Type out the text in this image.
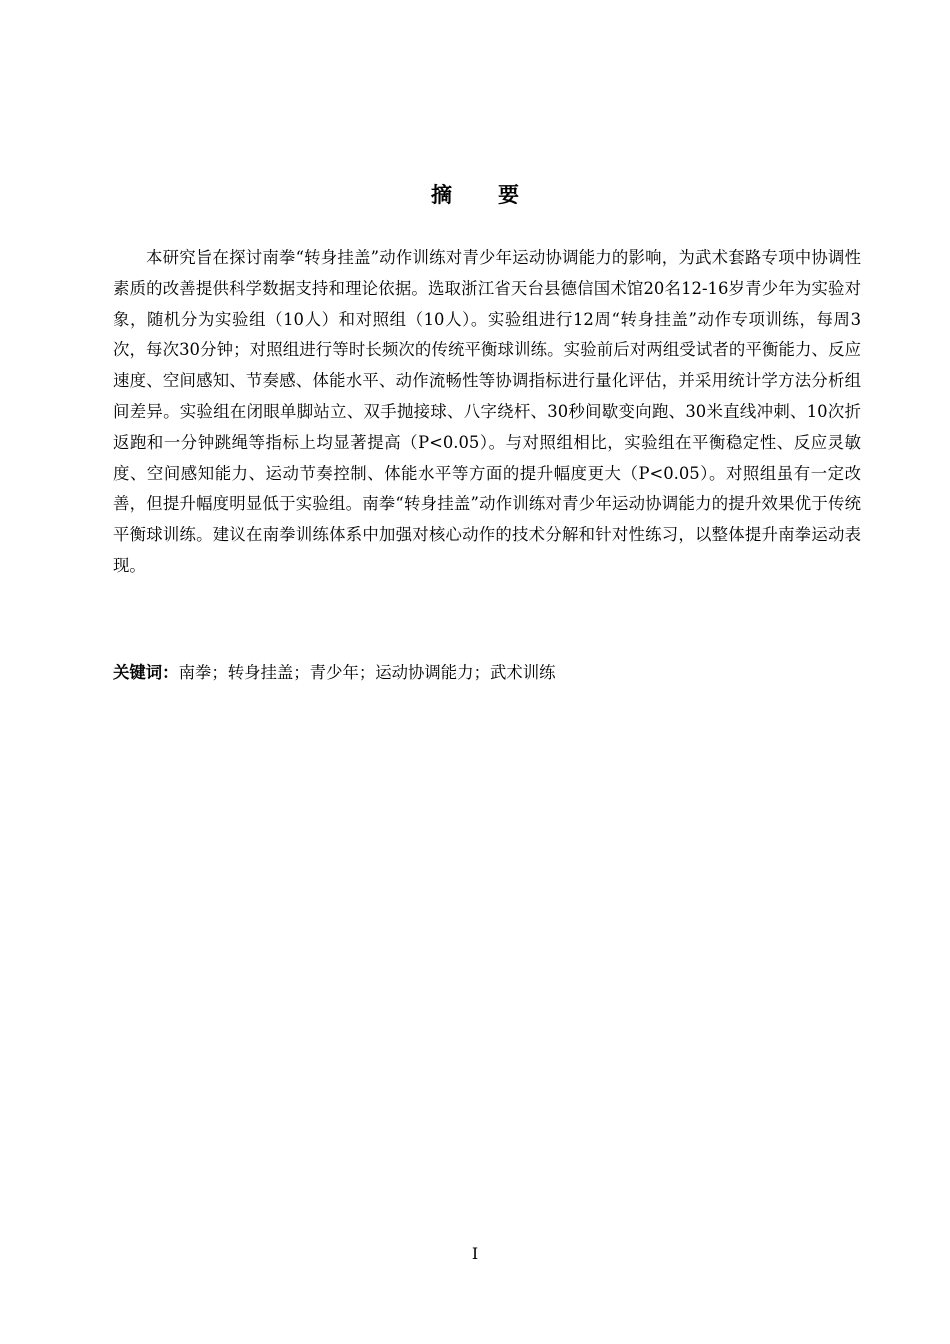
摘要

本研究旨在探讨南拳“转身挂盖”动作训练对青少年运动协调能力的影响，为武术套路专项中协调性素质的改善提供科学数据支持和理论依据。选取浙江省天台县德信国术馆20名12-16岁青少年为实验对象，随机分为实验组（10人）和对照组（10人）。实验组进行12周“转身挂盖”动作专项训练，每周3次，每次30分钟；对照组进行等时长频次的传统平衡球训练。实验前后对两组受试者的平衡能力、反应速度、空间感知、节奏感、体能水平、动作流畅性等协调指标进行量化评估，并采用统计学方法分析组间差异。实验组在闭眼单脚站立、双手抛接球、八字绕杆、30秒间歇变向跑、30米直线冲刺、10次折返跑和一分钟跳绳等指标上均显著提高（P<0.05）。与对照组相比，实验组在平衡稳定性、反应灵敏度、空间感知能力、运动节奏控制、体能水平等方面的提升幅度更大（P<0.05）。对照组虽有一定改善，但提升幅度明显低于实验组。南拳“转身挂盖”动作训练对青少年运动协调能力的提升效果优于传统平衡球训练。建议在南拳训练体系中加强对核心动作的技术分解和针对性练习，以整体提升南拳运动表现。

关键词：南拳；转身挂盖；青少年；运动协调能力；武术训练

I
